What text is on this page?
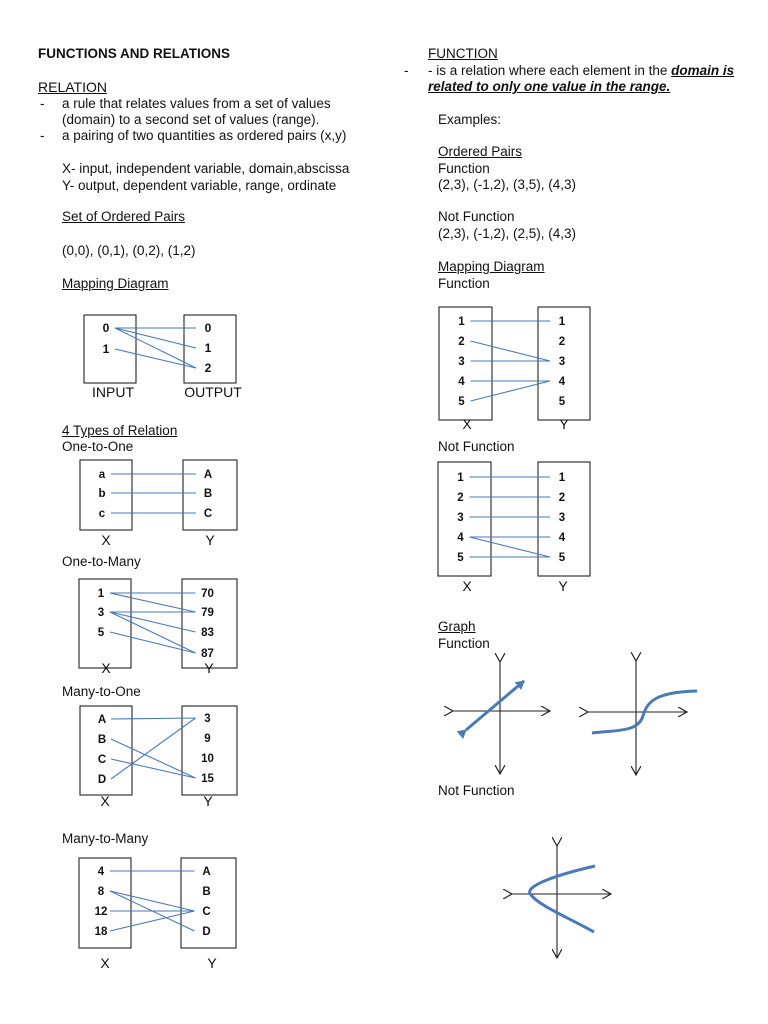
FUNCTIONS AND RELATIONS
RELATION
- a rule that relates values from a set of values
(domain) to a second set of values (range).
- a pairing of two quantities as ordered pairs (x,y)
X- input, independent variable, domain,abscissa
Y- output, dependent variable, range, ordinate
Set of Ordered Pairs
(0,0), (0,1), (0,2), (1,2)
Mapping Diagram
4 Types of Relation
One-to-One
One-to-Many
Many-to-One
Many-to-Many
FUNCTION
- - is a relation where each element in the domain is
related to only one value in the range.
Examples:
Ordered Pairs
Function
(2,3), (-1,2), (3,5), (4,3)
Not Function
(2,3), (-1,2), (2,5), (4,3)
Mapping Diagram
Function
Not Function
Graph
Function
Not Function
0
1
0
1
2
INPUT	OUTPUT
a
b
c
A
B
C
X	Y
1
3
5
70
79
83
87
X	Y
A
B
C
D
3
9
10
15
X	Y
4
8
12
18
A
B
C
D
X	Y
1
2
3
4
5
1
2
3
4
5
X	Y
1
2
3
4
5
1
2
3
4
5
X	Y
